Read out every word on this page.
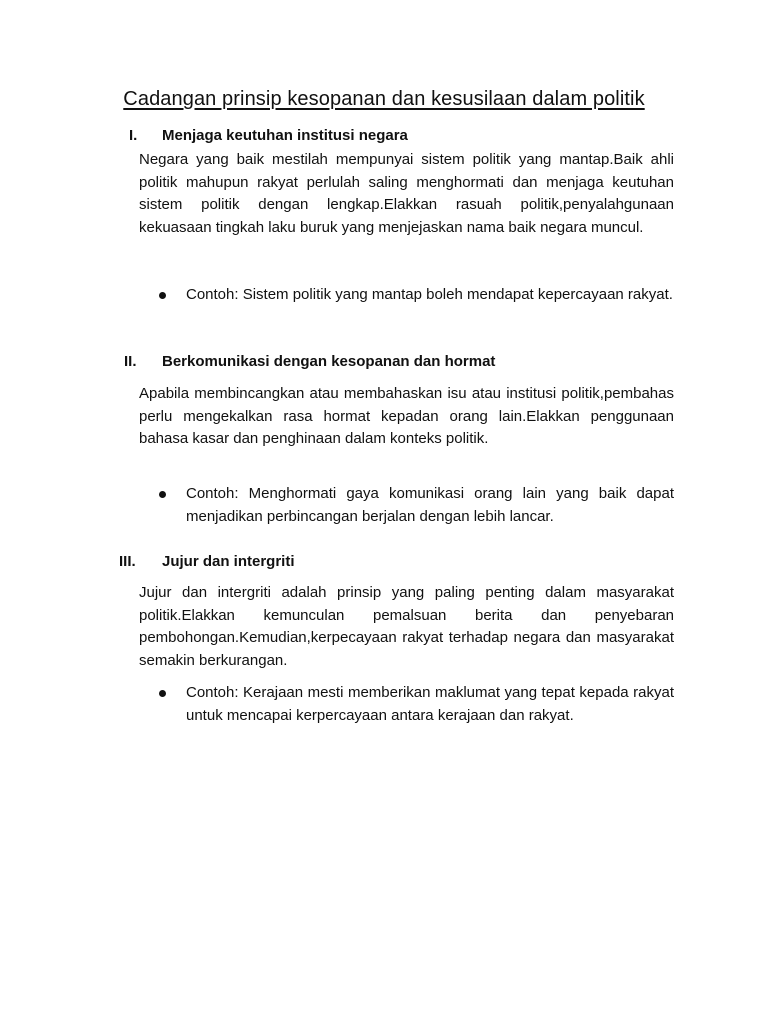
Cadangan prinsip kesopanan dan kesusilaan dalam politik
I. Menjaga keutuhan institusi negara

Negara yang baik mestilah mempunyai sistem politik yang mantap.Baik ahli politik mahupun rakyat perlulah saling menghormati dan menjaga keutuhan sistem politik dengan lengkap.Elakkan rasuah politik,penyalahgunaan kekuasaan tingkah laku buruk yang menjejaskan nama baik negara muncul.

Contoh: Sistem politik yang mantap boleh mendapat kepercayaan rakyat.

II. Berkomunikasi dengan kesopanan dan hormat

Apabila membincangkan atau membahaskan isu atau institusi politik,pembahas perlu mengekalkan rasa hormat kepadan orang lain.Elakkan penggunaan bahasa kasar dan penghinaan dalam konteks politik.

Contoh: Menghormati gaya komunikasi orang lain yang baik dapat menjadikan perbincangan berjalan dengan lebih lancar.

III. Jujur dan intergriti

Jujur dan intergriti adalah prinsip yang paling penting dalam masyarakat politik.Elakkan kemunculan pemalsuan berita dan penyebaran pembohongan.Kemudian,kerpecayaan rakyat terhadap negara dan masyarakat semakin berkurangan.

Contoh: Kerajaan mesti memberikan maklumat yang tepat kepada rakyat untuk mencapai kerpercayaan antara kerajaan dan rakyat.
